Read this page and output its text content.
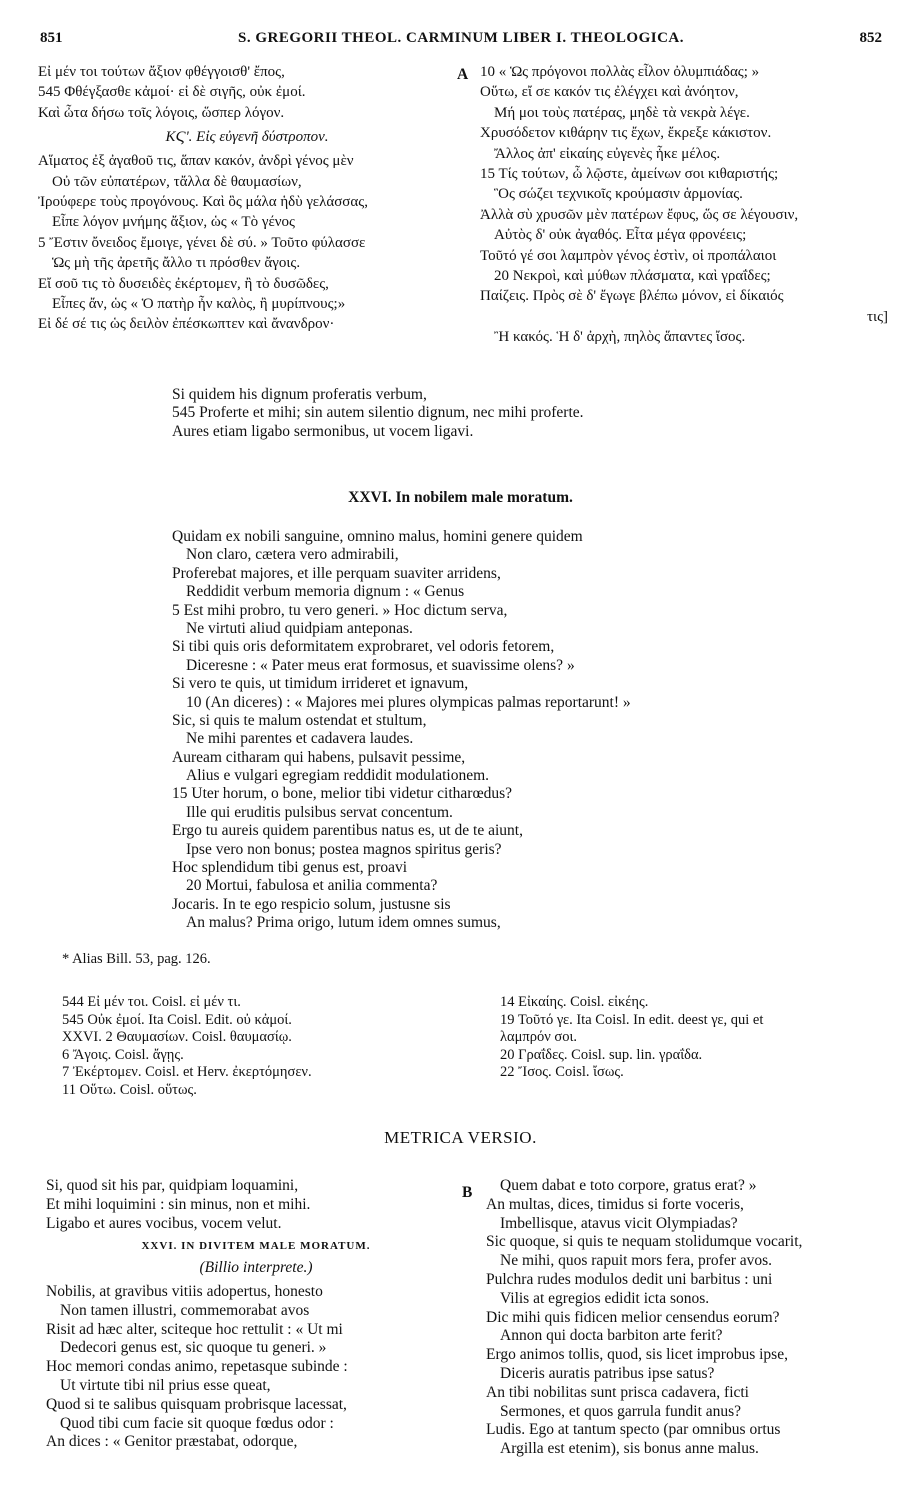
851	S. GREGORII THEOL. CARMINUM LIBER I. THEOLOGICA.	852
Εἰ μέν τοι τούτων ἄξιον φθέγγοισθ' ἔπος,
545 Φθέγξασθε κἀμοί· εἰ δὲ σιγῆς, οὐκ ἐμοί.
Καὶ ὦτα δήσω τοῖς λόγοις, ὥσπερ λόγον.
ΚϚʹ. Εἰς εὐγενῆ δύστροπον.
Αἵματος ἐξ ἀγαθοῦ τις, ἅπαν κακόν, ἀνδρὶ γένος μὲν
Οὐ τῶν εὐπατέρων, τἄλλα δὲ θαυμασίων,
Ἰρούφερε τοὺς προγόνους. Καὶ ὃς μάλα ἡδὺ γελάσσας,
Εἶπε λόγον μνήμης ἄξιον, ὡς « Τὸ γένος
5 Ἔστιν ὄνειδος ἔμοιγε, γένει δὲ σύ. » Τοῦτο φύλασσε
Ὡς μὴ τῆς ἀρετῆς ἄλλο τι πρόσθεν ἄγοις.
Εἴ σοῦ τις τὸ δυσειδὲς ἐκέρτομεν, ἢ τὸ δυσῶδες,
Εἶπες ἄν, ὡς « Ὁ πατὴρ ἦν καλὸς, ἢ μυρίπνους;»
Εἰ δέ σέ τις ὡς δειλὸν ἐπέσκωπτεν καὶ ἄνανδρον·
A 10 « Ὡς πρόγονοι πολλὰς εἶλον ὀλυμπιάδας; »
Οὕτω, εἴ σε κακόν τις ἐλέγχει καὶ ἀνόητον,
Μή μοι τοὺς πατέρας, μηδὲ τὰ νεκρὰ λέγε.
Χρυσόδετον κιθάρην τις ἔχων, ἔκρεξε κάκιστον.
Ἄλλος ἀπ' εἰκαίης εὐγενὲς ἧκε μέλος.
15 Τίς τούτων, ὦ λῷστε, ἀμείνων σοι κιθαριστής;
Ὃς σώζει τεχνικοῖς κρούμασιν ἁρμονίας.
Ἀλλὰ σὺ χρυσῶν μὲν πατέρων ἔφυς, ὥς σε λέγουσιν,
Αὐτὸς δ' οὐκ ἀγαθός. Εἶτα μέγα φρονέεις;
Τοῦτό γέ σοι λαμπρὸν γένος ἐστὶν, οἱ προπάλαιοι
20 Νεκροὶ, καὶ μύθων πλάσματα, καὶ γραΐδες;
Παίζεις. Πρὸς σὲ δ' ἔγωγε βλέπω μόνον, εἰ δίκαιός
τις]
Ἢ κακός. Ἡ δ' ἀρχὴ, πηλὸς ἅπαντες ἴσος.
Si quidem his dignum proferatis verbum,
545 Proferte et mihi; sin autem silentio dignum, nec mihi proferte.
Aures etiam ligabo sermonibus, ut vocem ligavi.
XXVI. In nobilem male moratum.
Quidam ex nobili sanguine, omnino malus, homini genere quidem
Non claro, cætera vero admirabili,
Proferebat majores, et ille perquam suaviter arridens,
Reddidit verbum memoria dignum : « Genus
5 Est mihi probro, tu vero generi. » Hoc dictum serva,
Ne virtuti aliud quidpiam anteponas.
Si tibi quis oris deformitatem exprobraret, vel odoris fetorem,
Diceresne : « Pater meus erat formosus, et suavissime olens? »
Si vero te quis, ut timidum irrideret et ignavum,
10 (An diceres) : « Majores mei plures olympicas palmas reportarunt! »
Sic, si quis te malum ostendat et stultum,
Ne mihi parentes et cadavera laudes.
Auream citharam qui habens, pulsavit pessime,
Alius e vulgari egregiam reddidit modulationem.
15 Uter horum, o bone, melior tibi videtur citharœdus?
Ille qui eruditis pulsibus servat concentum.
Ergo tu aureis quidem parentibus natus es, ut de te aiunt,
Ipse vero non bonus; postea magnos spiritus geris?
Hoc splendidum tibi genus est, proavi
20 Mortui, fabulosa et anilia commenta?
Jocaris. In te ego respicio solum, justusne sis
An malus? Prima origo, lutum idem omnes sumus,
* Alias Bill. 53, pag. 126.
544 Εἰ μέν τοι. Coisl. εἰ μέν τι.
545 Οὐκ ἐμοί. Ita Coisl. Edit. οὐ κἀμοί.
XXVI. 2 Θαυμασίων. Coisl. θαυμασίῳ.
6 Ἄγοις. Coisl. ἄγῃς.
7 Ἐκέρτομεν. Coisl. et Herv. ἐκερτόμησεν.
11 Οὕτω. Coisl. οὕτως.
14 Εἰκαίης. Coisl. εἰκέης.
19 Τοῦτό γε. Ita Coisl. In edit. deest γε, qui et
λαμπρόν σοι.
20 Γραΐδες. Coisl. sup. lin. γραΐδα.
22 Ἴσος. Coisl. ἴσως.
METRICA VERSIO.
Si, quod sit his par, quidpiam loquamini,
Et mihi loquimini : sin minus, non et mihi.
Ligabo et aures vocibus, vocem velut.
XXVI. IN DIVITEM MALE MORATUM.
(Billio interprete.)
Nobilis, at gravibus vitiis adopertus, honesto
Non tamen illustri, commemorabat avos
Risit ad hæc alter, sciteque hoc rettulit : « Ut mi
Dedecori genus est, sic quoque tu generi. »
Hoc memori condas animo, repetasque subinde :
Ut virtute tibi nil prius esse queat,
Quod si te salibus quisquam probrisque lacessat,
Quod tibi cum facie sit quoque fœdus odor :
An dices : « Genitor præstabat, odorque,
B	Quem dabat e toto corpore, gratus erat? »
An multas, dices, timidus si forte voceris,
Imbellisque, atavus vicit Olympiadas?
Sic quoque, si quis te nequam stolidumque vocarit,
Ne mihi, quos rapuit mors fera, profer avos.
Pulchra rudes modulos dedit uni barbitus : uni
Vilis at egregios edidit icta sonos.
Dic mihi quis fidicen melior censendus eorum?
Annon qui docta barbiton arte ferit?
Ergo animos tollis, quod, sis licet improbus ipse,
Diceris auratis patribus ipse satus?
An tibi nobilitas sunt prisca cadavera, ficti
Sermones, et quos garrula fundit anus?
Ludis. Ego at tantum specto (par omnibus ortus
Argilla est etenim), sis bonus anne malus.
